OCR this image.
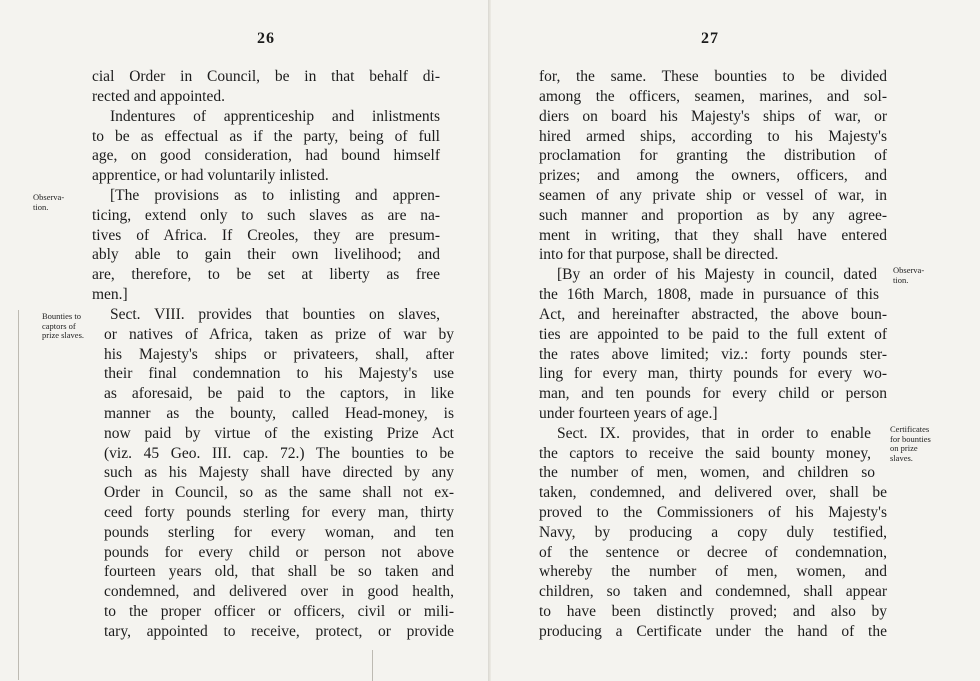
26
cial Order in Council, be in that behalf di-
rected and appointed.
Indentures of apprenticeship and inlistments
to be as effectual as if the party, being of full
age, on good consideration, had bound himself
apprentice, or had voluntarily inlisted.
[The provisions as to inlisting and appren-
ticing, extend only to such slaves as are na-
tives of Africa. If Creoles, they are presum-
ably able to gain their own livelihood; and
are, therefore, to be set at liberty as free
men.]
Sect. VIII. provides that bounties on slaves,
or natives of Africa, taken as prize of war by
his Majesty's ships or privateers, shall, after
their final condemnation to his Majesty's use
as aforesaid, be paid to the captors, in like
manner as the bounty, called Head-money, is
now paid by virtue of the existing Prize Act
(viz. 45 Geo. III. cap. 72.) The bounties to be
such as his Majesty shall have directed by any
Order in Council, so as the same shall not ex-
ceed forty pounds sterling for every man, thirty
pounds sterling for every woman, and ten
pounds for every child or person not above
fourteen years old, that shall be so taken and
condemned, and delivered over in good health,
to the proper officer or officers, civil or mili-
tary, appointed to receive, protect, or provide
Observa-
tion.
Bounties to
captors of
prize slaves.
27
for, the same. These bounties to be divided
among the officers, seamen, marines, and sol-
diers on board his Majesty's ships of war, or
hired armed ships, according to his Majesty's
proclamation for granting the distribution of
prizes; and among the owners, officers, and
seamen of any private ship or vessel of war, in
such manner and proportion as by any agree-
ment in writing, that they shall have entered
into for that purpose, shall be directed.
[By an order of his Majesty in council, dated
the 16th March, 1808, made in pursuance of this
Act, and hereinafter abstracted, the above boun-
ties are appointed to be paid to the full extent of
the rates above limited; viz.: forty pounds ster-
ling for every man, thirty pounds for every wo-
man, and ten pounds for every child or person
under fourteen years of age.]
Sect. IX. provides, that in order to enable
the captors to receive the said bounty money,
the number of men, women, and children so
taken, condemned, and delivered over, shall be
proved to the Commissioners of his Majesty's
Navy, by producing a copy duly testified,
of the sentence or decree of condemnation,
whereby the number of men, women, and
children, so taken and condemned, shall appear
to have been distinctly proved; and also by
producing a Certificate under the hand of the
Observa-
tion.
Certificates
for bounties
on prize
slaves.
